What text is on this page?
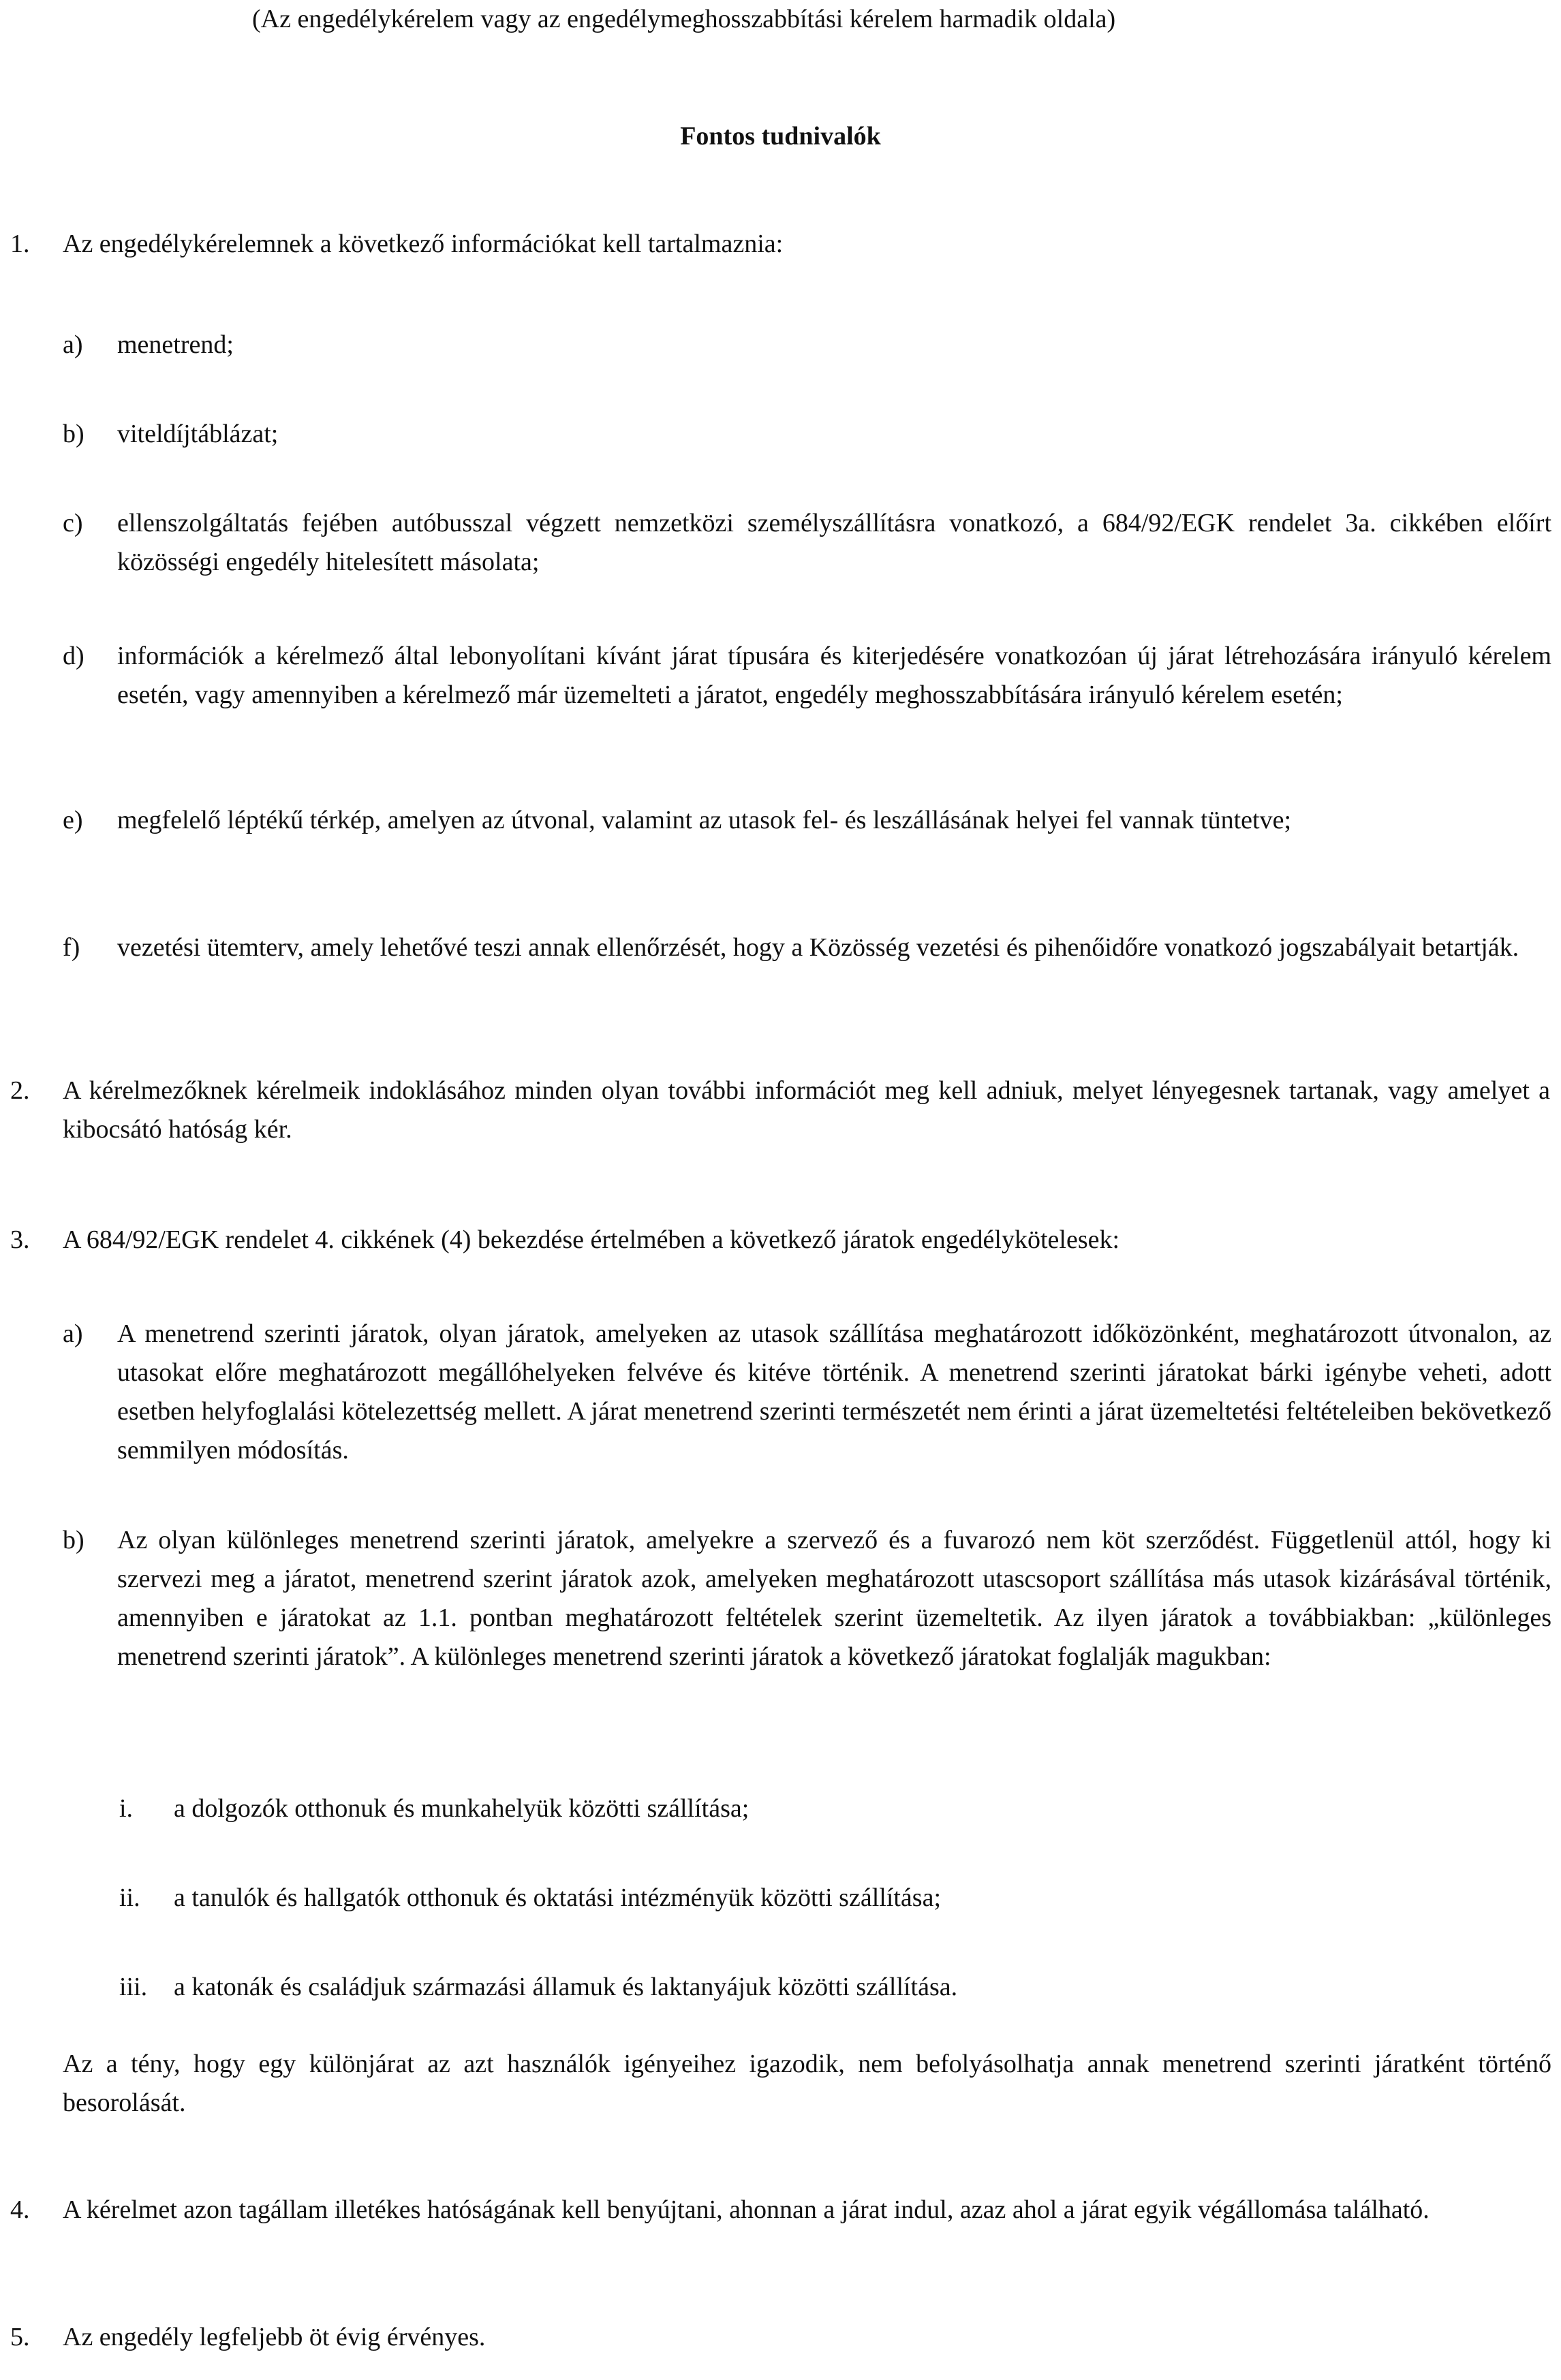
(Az engedélykérelem vagy az engedélymeghosszabbítási kérelem harmadik oldala)
Fontos tudnivalók
1.	Az engedélykérelemnek a következő információkat kell tartalmaznia:
a)	menetrend;
b)	viteldíjtáblázat;
c)	ellenszolgáltatás fejében autóbusszal végzett nemzetközi személyszállításra vonatkozó, a 684/92/EGK rendelet 3a. cikkében előírt közösségi engedély hitelesített másolata;
d)	információk a kérelmező által lebonyolítani kívánt járat típusára és kiterjedésére vonatkozóan új járat létrehozására irányuló kérelem esetén, vagy amennyiben a kérelmező már üzemelteti a járatot, engedély meghosszabbítására irányuló kérelem esetén;
e)	megfelelő léptékű térkép, amelyen az útvonal, valamint az utasok fel- és leszállásának helyei fel vannak tüntetve;
f)	vezetési ütemterv, amely lehetővé teszi annak ellenőrzését, hogy a Közösség vezetési és pihenőidőre vonatkozó jogszabályait betartják.
2.	A kérelmezőknek kérelmeik indoklásához minden olyan további információt meg kell adniuk, melyet lényegesnek tartanak, vagy amelyet a kibocsátó hatóság kér.
3.	A 684/92/EGK rendelet 4. cikkének (4) bekezdése értelmében a következő járatok engedélykötelesek:
a)	A menetrend szerinti járatok, olyan járatok, amelyeken az utasok szállítása meghatározott időközönként, meghatározott útvonalon, az utasokat előre meghatározott megállóhelyeken felvéve és kitéve történik. A menetrend szerinti járatokat bárki igénybe veheti, adott esetben helyfoglalási kötelezettség mellett. A járat menetrend szerinti természetét nem érinti a járat üzemeltetési feltételeiben bekövetkező semmilyen módosítás.
b)	Az olyan különleges menetrend szerinti járatok, amelyekre a szervező és a fuvarozó nem köt szerződést. Függetlenül attól, hogy ki szervezi meg a járatot, menetrend szerint járatok azok, amelyeken meghatározott utascsoport szállítása más utasok kizárásával történik, amennyiben e járatokat az 1.1. pontban meghatározott feltételek szerint üzemeltetik. Az ilyen járatok a továbbiakban: „különleges menetrend szerinti járatok”. A különleges menetrend szerinti járatok a következő járatokat foglalják magukban:
i.	a dolgozók otthonuk és munkahelyük közötti szállítása;
ii.	a tanulók és hallgatók otthonuk és oktatási intézményük közötti szállítása;
iii.	a katonák és családjuk származási államuk és laktanyájuk közötti szállítása.
Az a tény, hogy egy különjárat az azt használók igényeihez igazodik, nem befolyásolhatja annak menetrend szerinti járatként történő besorolását.
4.	A kérelmet azon tagállam illetékes hatóságának kell benyújtani, ahonnan a járat indul, azaz ahol a járat egyik végállomása található.
5.	Az engedély legfeljebb öt évig érvényes.
